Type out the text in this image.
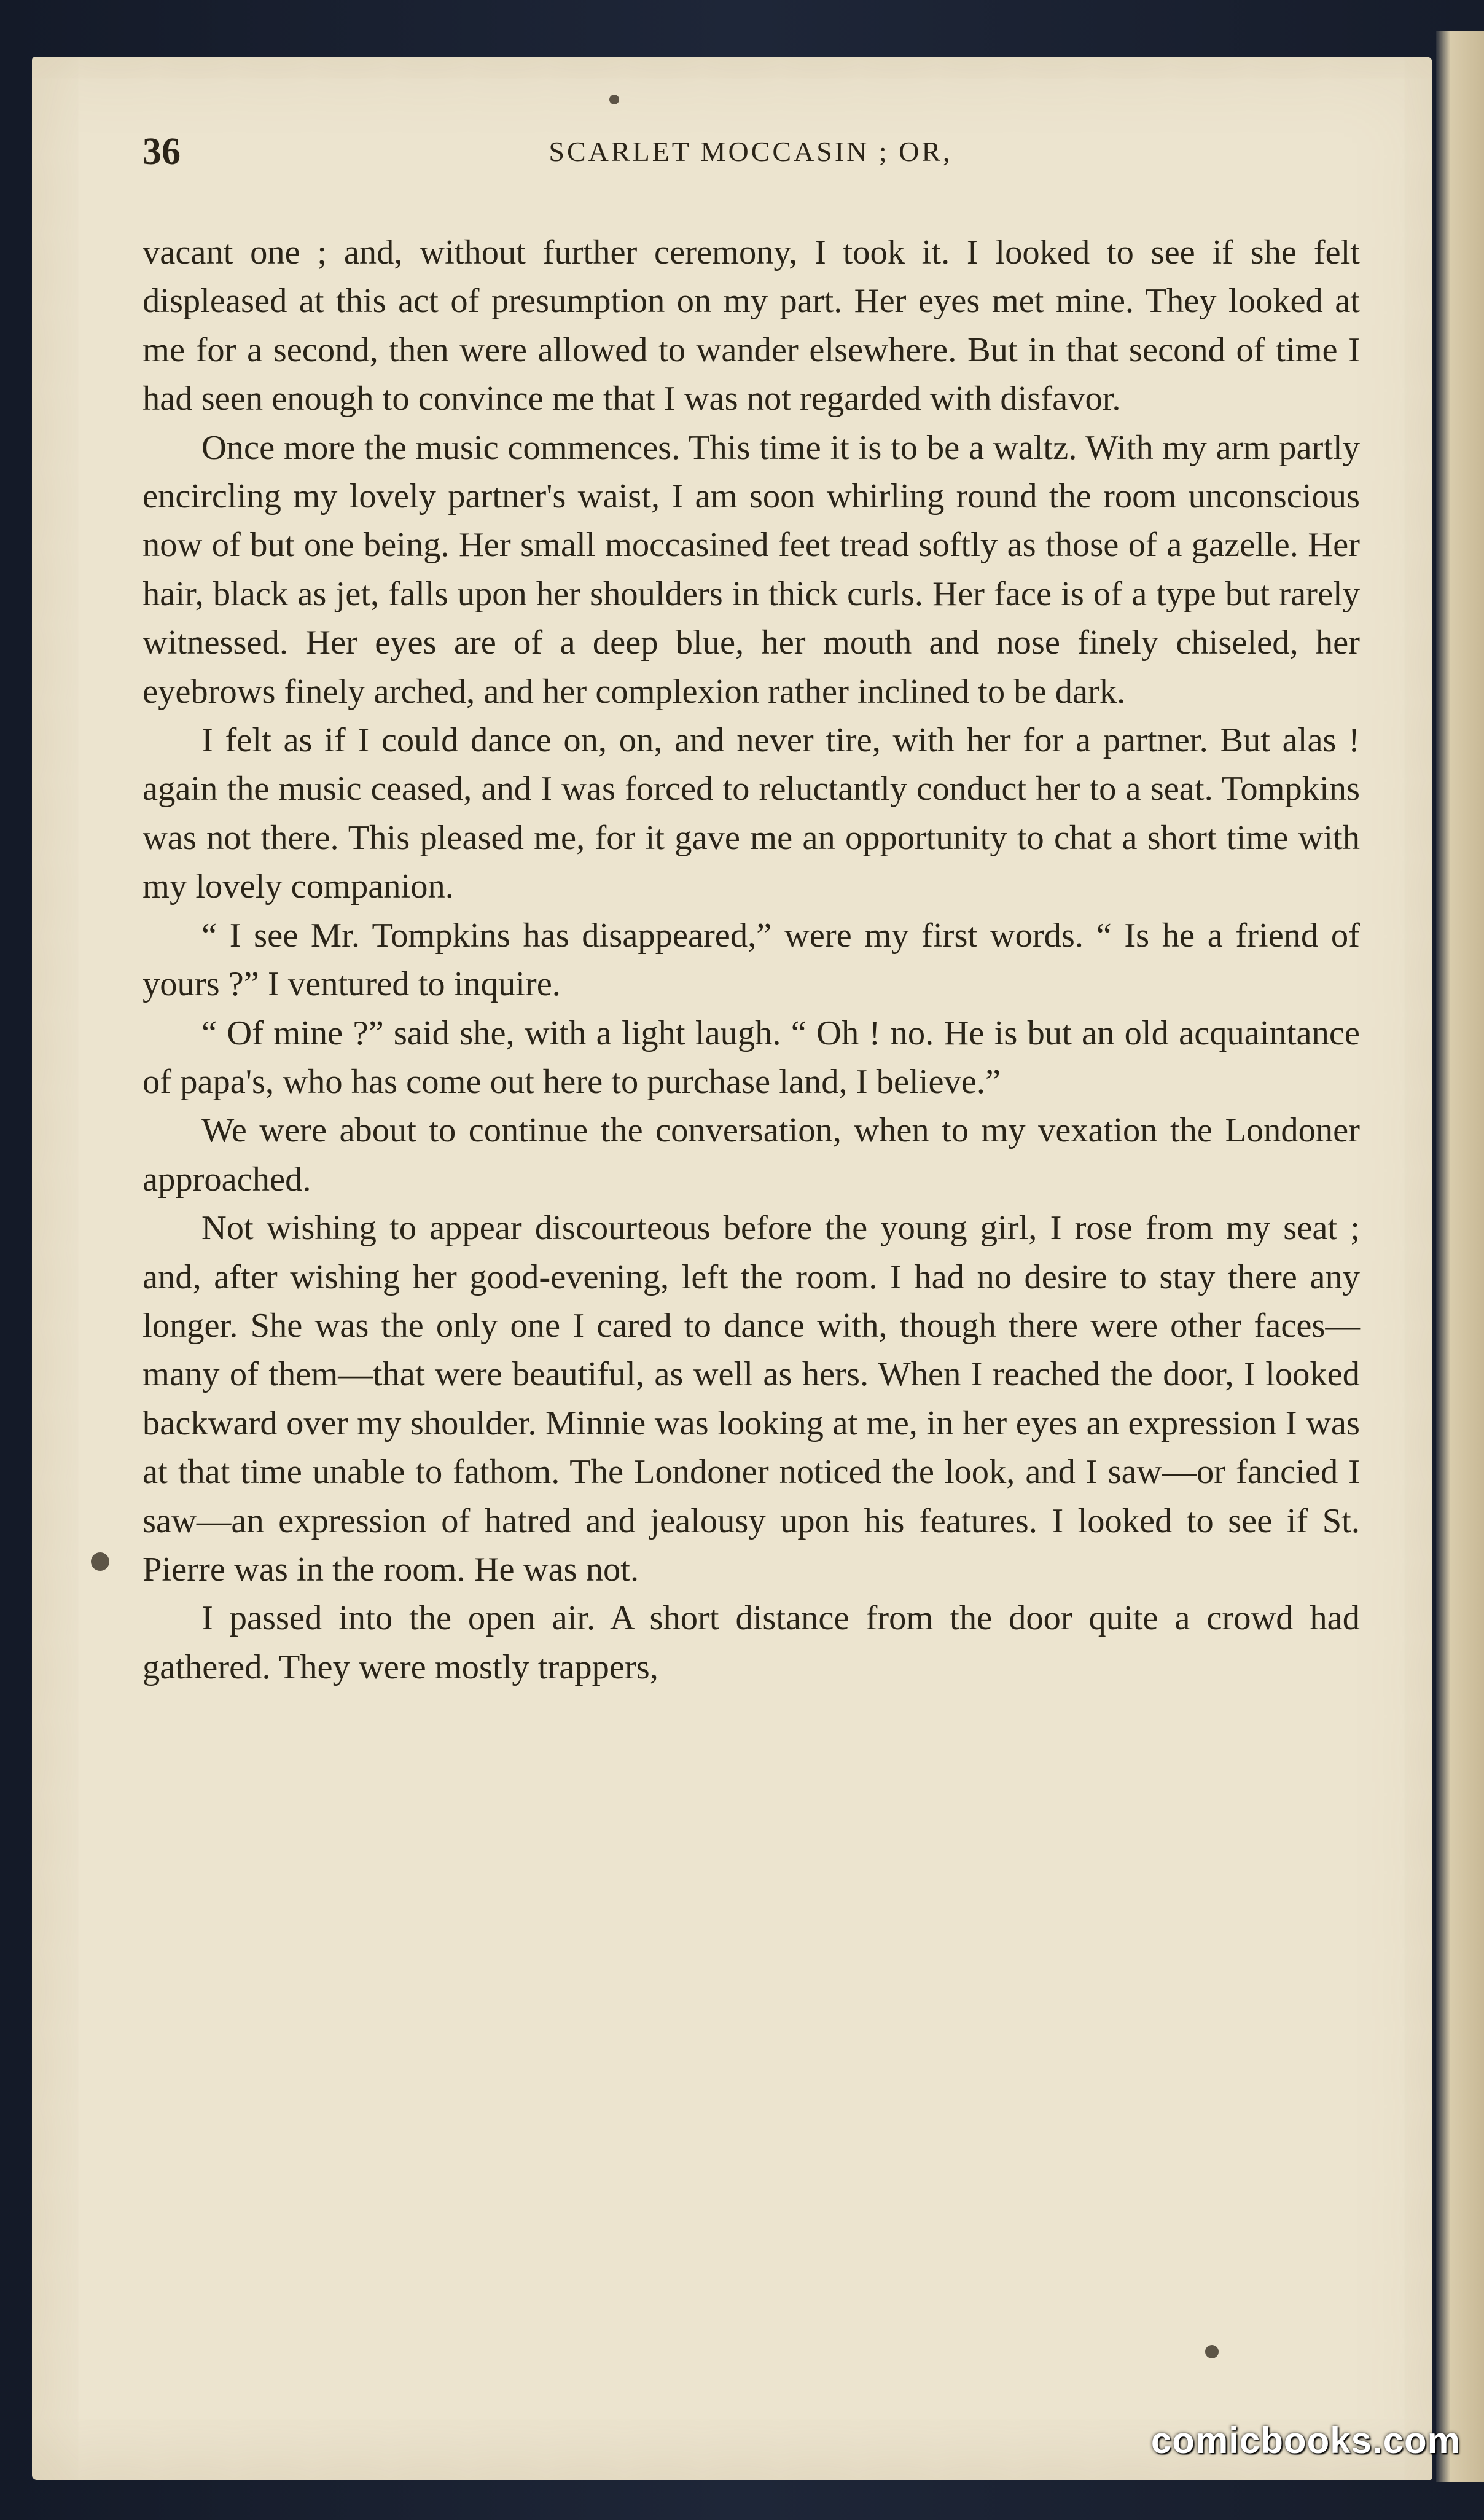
36	SCARLET MOCCASIN ; OR,

vacant one ; and, without further ceremony, I took it. I looked to see if she felt displeased at this act of presumption on my part. Her eyes met mine. They looked at me for a second, then were allowed to wander elsewhere. But in that second of time I had seen enough to convince me that I was not regarded with disfavor.

Once more the music commences. This time it is to be a waltz. With my arm partly encircling my lovely partner's waist, I am soon whirling round the room unconscious now of but one being. Her small moccasined feet tread softly as those of a gazelle. Her hair, black as jet, falls upon her shoulders in thick curls. Her face is of a type but rarely witnessed. Her eyes are of a deep blue, her mouth and nose finely chiseled, her eyebrows finely arched, and her complexion rather inclined to be dark.

I felt as if I could dance on, on, and never tire, with her for a partner. But alas ! again the music ceased, and I was forced to reluctantly conduct her to a seat. Tompkins was not there. This pleased me, for it gave me an opportunity to chat a short time with my lovely companion.

“ I see Mr. Tompkins has disappeared,” were my first words. “ Is he a friend of yours ?” I ventured to inquire.

“ Of mine ?” said she, with a light laugh. “ Oh ! no. He is but an old acquaintance of papa's, who has come out here to purchase land, I believe.”

We were about to continue the conversation, when to my vexation the Londoner approached.

Not wishing to appear discourteous before the young girl, I rose from my seat ; and, after wishing her good-evening, left the room. I had no desire to stay there any longer. She was the only one I cared to dance with, though there were other faces—many of them—that were beautiful, as well as hers. When I reached the door, I looked backward over my shoulder. Minnie was looking at me, in her eyes an expression I was at that time unable to fathom. The Londoner noticed the look, and I saw—or fancied I saw—an expression of hatred and jealousy upon his features. I looked to see if St. Pierre was in the room. He was not.

I passed into the open air. A short distance from the door quite a crowd had gathered. They were mostly trappers,

comicbooks.com
